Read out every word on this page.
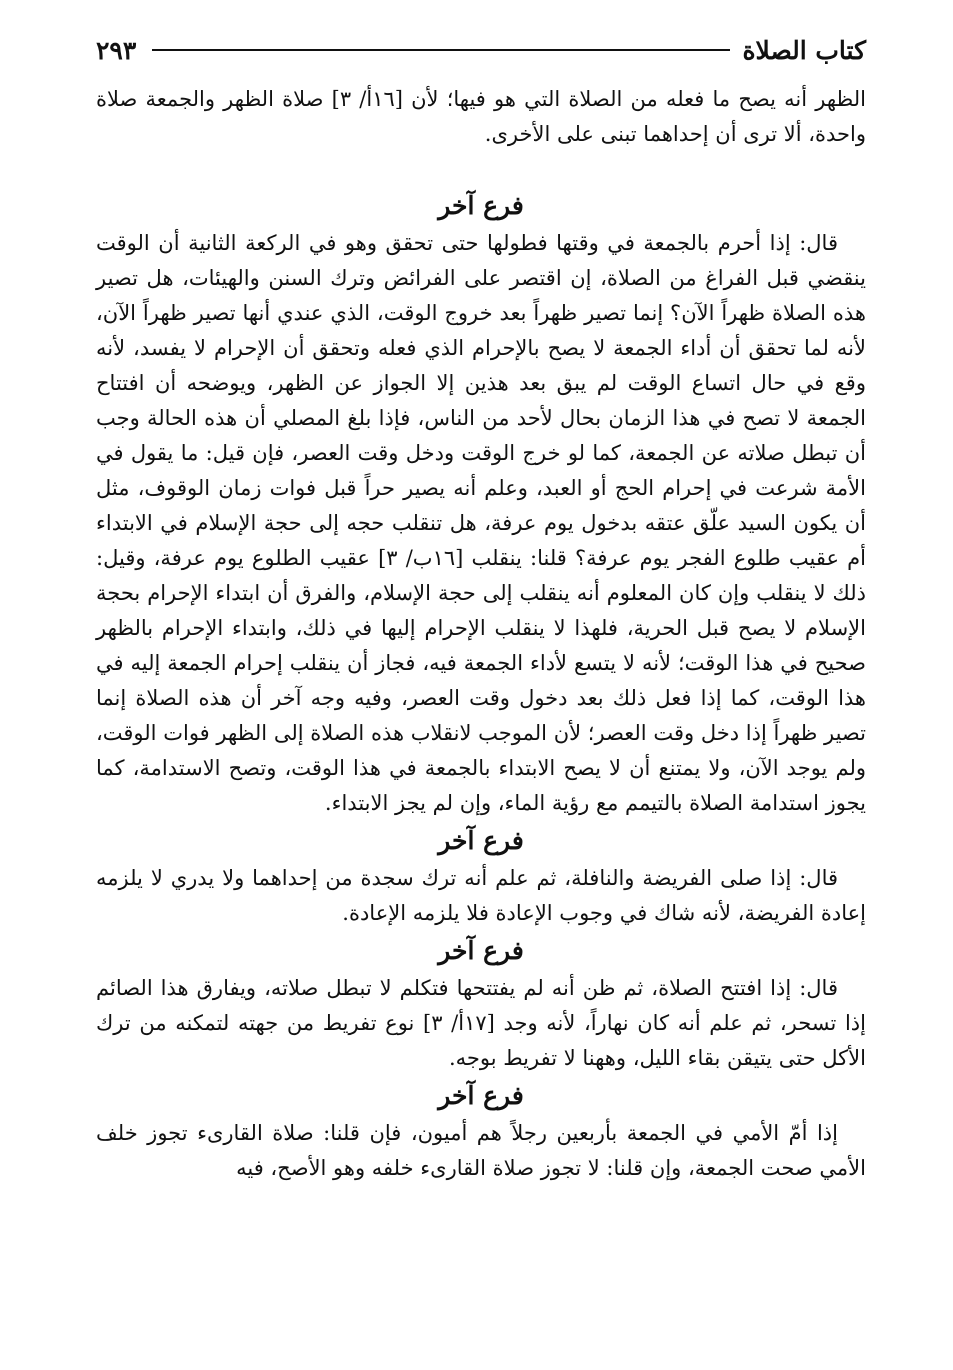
كتاب الصلاة
٢٩٣

الظهر أنه يصح ما فعله من الصلاة التي هو فيها؛ لأن [١٦أ/ ٣] صلاة الظهر والجمعة صلاة واحدة، ألا ترى أن إحداهما تبنى على الأخرى.

فرع آخر

قال: إذا أحرم بالجمعة في وقتها فطولها حتى تحقق وهو في الركعة الثانية أن الوقت ينقضي قبل الفراغ من الصلاة، إن اقتصر على الفرائض وترك السنن والهيئات، هل تصير هذه الصلاة ظهراً الآن؟ إنما تصير ظهراً بعد خروج الوقت، الذي عندي أنها تصير ظهراً الآن، لأنه لما تحقق أن أداء الجمعة لا يصح بالإحرام الذي فعله وتحقق أن الإحرام لا يفسد، لأنه وقع في حال اتساع الوقت لم يبق بعد هذين إلا الجواز عن الظهر، ويوضحه أن افتتاح الجمعة لا تصح في هذا الزمان بحال لأحد من الناس، فإذا بلغ المصلي أن هذه الحالة وجب أن تبطل صلاته عن الجمعة، كما لو خرج الوقت ودخل وقت العصر، فإن قيل: ما يقول في الأمة شرعت في إحرام الحج أو العبد، وعلم أنه يصير حراً قبل فوات زمان الوقوف، مثل أن يكون السيد علّق عتقه بدخول يوم عرفة، هل تنقلب حجه إلى حجة الإسلام في الابتداء أم عقيب طلوع الفجر يوم عرفة؟ قلنا: ينقلب [١٦ب/ ٣] عقيب الطلوع يوم عرفة، وقيل: ذلك لا ينقلب وإن كان المعلوم أنه ينقلب إلى حجة الإسلام، والفرق أن ابتداء الإحرام بحجة الإسلام لا يصح قبل الحرية، فلهذا لا ينقلب الإحرام إليها في ذلك، وابتداء الإحرام بالظهر صحيح في هذا الوقت؛ لأنه لا يتسع لأداء الجمعة فيه، فجاز أن ينقلب إحرام الجمعة إليه في هذا الوقت، كما إذا فعل ذلك بعد دخول وقت العصر، وفيه وجه آخر أن هذه الصلاة إنما تصير ظهراً إذا دخل وقت العصر؛ لأن الموجب لانقلاب هذه الصلاة إلى الظهر فوات الوقت، ولم يوجد الآن، ولا يمتنع أن لا يصح الابتداء بالجمعة في هذا الوقت، وتصح الاستدامة، كما يجوز استدامة الصلاة بالتيمم مع رؤية الماء، وإن لم يجز الابتداء.

فرع آخر

قال: إذا صلى الفريضة والنافلة، ثم علم أنه ترك سجدة من إحداهما ولا يدري لا يلزمه إعادة الفريضة، لأنه شاك في وجوب الإعادة فلا يلزمه الإعادة.

فرع آخر

قال: إذا افتتح الصلاة، ثم ظن أنه لم يفتتحها فتكلم لا تبطل صلاته، ويفارق هذا الصائم إذا تسحر، ثم علم أنه كان نهاراً، لأنه وجد [١٧أ/ ٣] نوع تفريط من جهته لتمكنه من ترك الأكل حتى يتيقن بقاء الليل، وههنا لا تفريط بوجه.

فرع آخر

إذا أمّ الأمي في الجمعة بأربعين رجلاً هم أميون، فإن قلنا: صلاة القارىء تجوز خلف الأمي صحت الجمعة، وإن قلنا: لا تجوز صلاة القارىء خلفه وهو الأصح، فيه
